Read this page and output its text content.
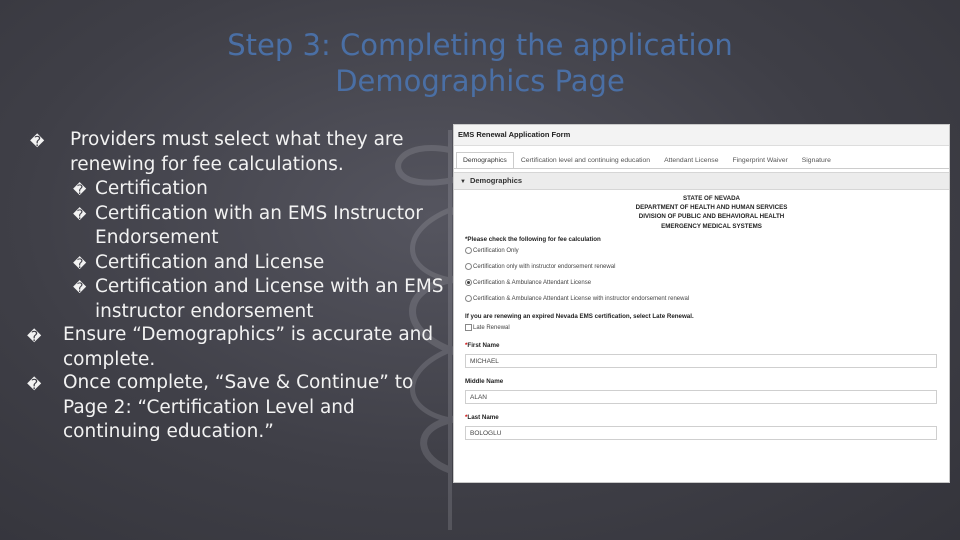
Step 3: Completing the application
Demographics Page
� Providers must select what they are
renewing for fee calculations.
� Certification
� Certification with an EMS Instructor
Endorsement
� Certification and License
� Certification and License with an EMS
instructor endorsement
� Ensure “Demographics” is accurate and
complete.
� Once complete, “Save & Continue” to
Page 2: “Certification Level and
continuing education.”
EMS Renewal Application Form
Demographics	Certification level and continuing education	Attendant License	Fingerprint Waiver	Signature
▼ Demographics
STATE OF NEVADA
DEPARTMENT OF HEALTH AND HUMAN SERVICES
DIVISION OF PUBLIC AND BEHAVIORAL HEALTH
EMERGENCY MEDICAL SYSTEMS
*Please check the following for fee calculation
Certification Only
Certification only with instructor endorsement renewal
Certification & Ambulance Attendant License
Certification & Ambulance Attendant License with instructor endorsement renewal
If you are renewing an expired Nevada EMS certification, select Late Renewal.
Late Renewal
*First Name
MICHAEL
Middle Name
ALAN
*Last Name
BOLOGLU
